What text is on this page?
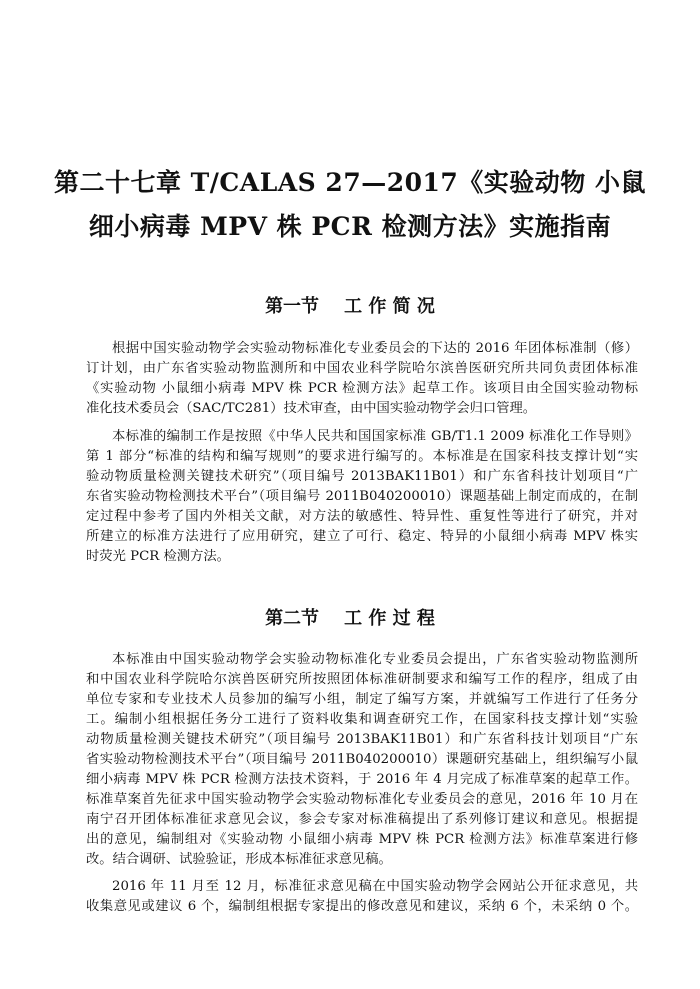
第二十七章 T/CALAS 27—2017《实验动物 小鼠
细小病毒 MPV 株 PCR 检测方法》实施指南
第一节    工 作 简 况
根据中国实验动物学会实验动物标准化专业委员会的下达的 2016 年团体标准制（修）
订计划，由广东省实验动物监测所和中国农业科学院哈尔滨兽医研究所共同负责团体标准
《实验动物 小鼠细小病毒 MPV 株 PCR 检测方法》起草工作。该项目由全国实验动物标
准化技术委员会（SAC/TC281）技术审查，由中国实验动物学会归口管理。
本标准的编制工作是按照《中华人民共和国国家标准 GB/T1.1 2009 标准化工作导则》
第 1 部分“标准的结构和编写规则”的要求进行编写的。本标准是在国家科技支撑计划“实
验动物质量检测关键技术研究”（项目编号 2013BAK11B01）和广东省科技计划项目“广
东省实验动物检测技术平台”（项目编号 2011B040200010）课题基础上制定而成的，在制
定过程中参考了国内外相关文献，对方法的敏感性、特异性、重复性等进行了研究，并对
所建立的标准方法进行了应用研究，建立了可行、稳定、特异的小鼠细小病毒 MPV 株实
时荧光 PCR 检测方法。
第二节    工 作 过 程
本标准由中国实验动物学会实验动物标准化专业委员会提出，广东省实验动物监测所
和中国农业科学院哈尔滨兽医研究所按照团体标准研制要求和编写工作的程序，组成了由
单位专家和专业技术人员参加的编写小组，制定了编写方案，并就编写工作进行了任务分
工。编制小组根据任务分工进行了资料收集和调查研究工作，在国家科技支撑计划“实验
动物质量检测关键技术研究”（项目编号 2013BAK11B01）和广东省科技计划项目“广东
省实验动物检测技术平台”（项目编号 2011B040200010）课题研究基础上，组织编写小鼠
细小病毒 MPV 株 PCR 检测方法技术资料，于 2016 年 4 月完成了标准草案的起草工作。
标准草案首先征求中国实验动物学会实验动物标准化专业委员会的意见，2016 年 10 月在
南宁召开团体标准征求意见会议，参会专家对标准稿提出了系列修订建议和意见。根据提
出的意见，编制组对《实验动物 小鼠细小病毒 MPV 株 PCR 检测方法》标准草案进行修
改。结合调研、试验验证，形成本标准征求意见稿。
2016 年 11 月至 12 月，标准征求意见稿在中国实验动物学会网站公开征求意见，共
收集意见或建议 6 个，编制组根据专家提出的修改意见和建议，采纳 6 个，未采纳 0 个。
